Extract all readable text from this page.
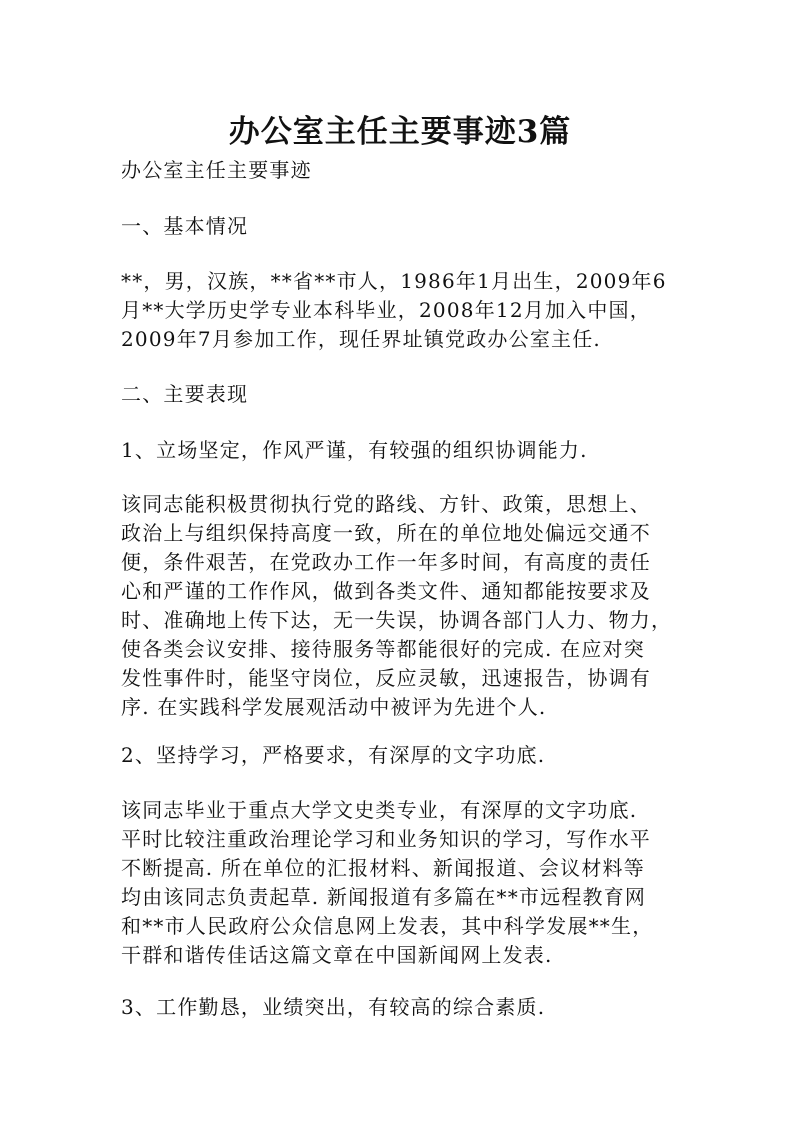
办公室主任主要事迹3篇

办公室主任主要事迹

一、基本情况

**，男，汉族，**省**市人，1986年1月出生，2009年6
月**大学历史学专业本科毕业，2008年12月加入中国，
2009年7月参加工作，现任界址镇党政办公室主任.

二、主要表现

1、立场坚定，作风严谨，有较强的组织协调能力.

该同志能积极贯彻执行党的路线、方针、政策，思想上、
政治上与组织保持高度一致，所在的单位地处偏远交通不
便，条件艰苦，在党政办工作一年多时间，有高度的责任
心和严谨的工作作风，做到各类文件、通知都能按要求及
时、准确地上传下达，无一失误，协调各部门人力、物力，
使各类会议安排、接待服务等都能很好的完成. 在应对突
发性事件时，能坚守岗位，反应灵敏，迅速报告，协调有
序. 在实践科学发展观活动中被评为先进个人.

2、坚持学习，严格要求，有深厚的文字功底.

该同志毕业于重点大学文史类专业，有深厚的文字功底.
平时比较注重政治理论学习和业务知识的学习，写作水平
不断提高. 所在单位的汇报材料、新闻报道、会议材料等
均由该同志负责起草. 新闻报道有多篇在**市远程教育网
和**市人民政府公众信息网上发表，其中科学发展**生，
干群和谐传佳话这篇文章在中国新闻网上发表.

3、工作勤恳，业绩突出，有较高的综合素质.
